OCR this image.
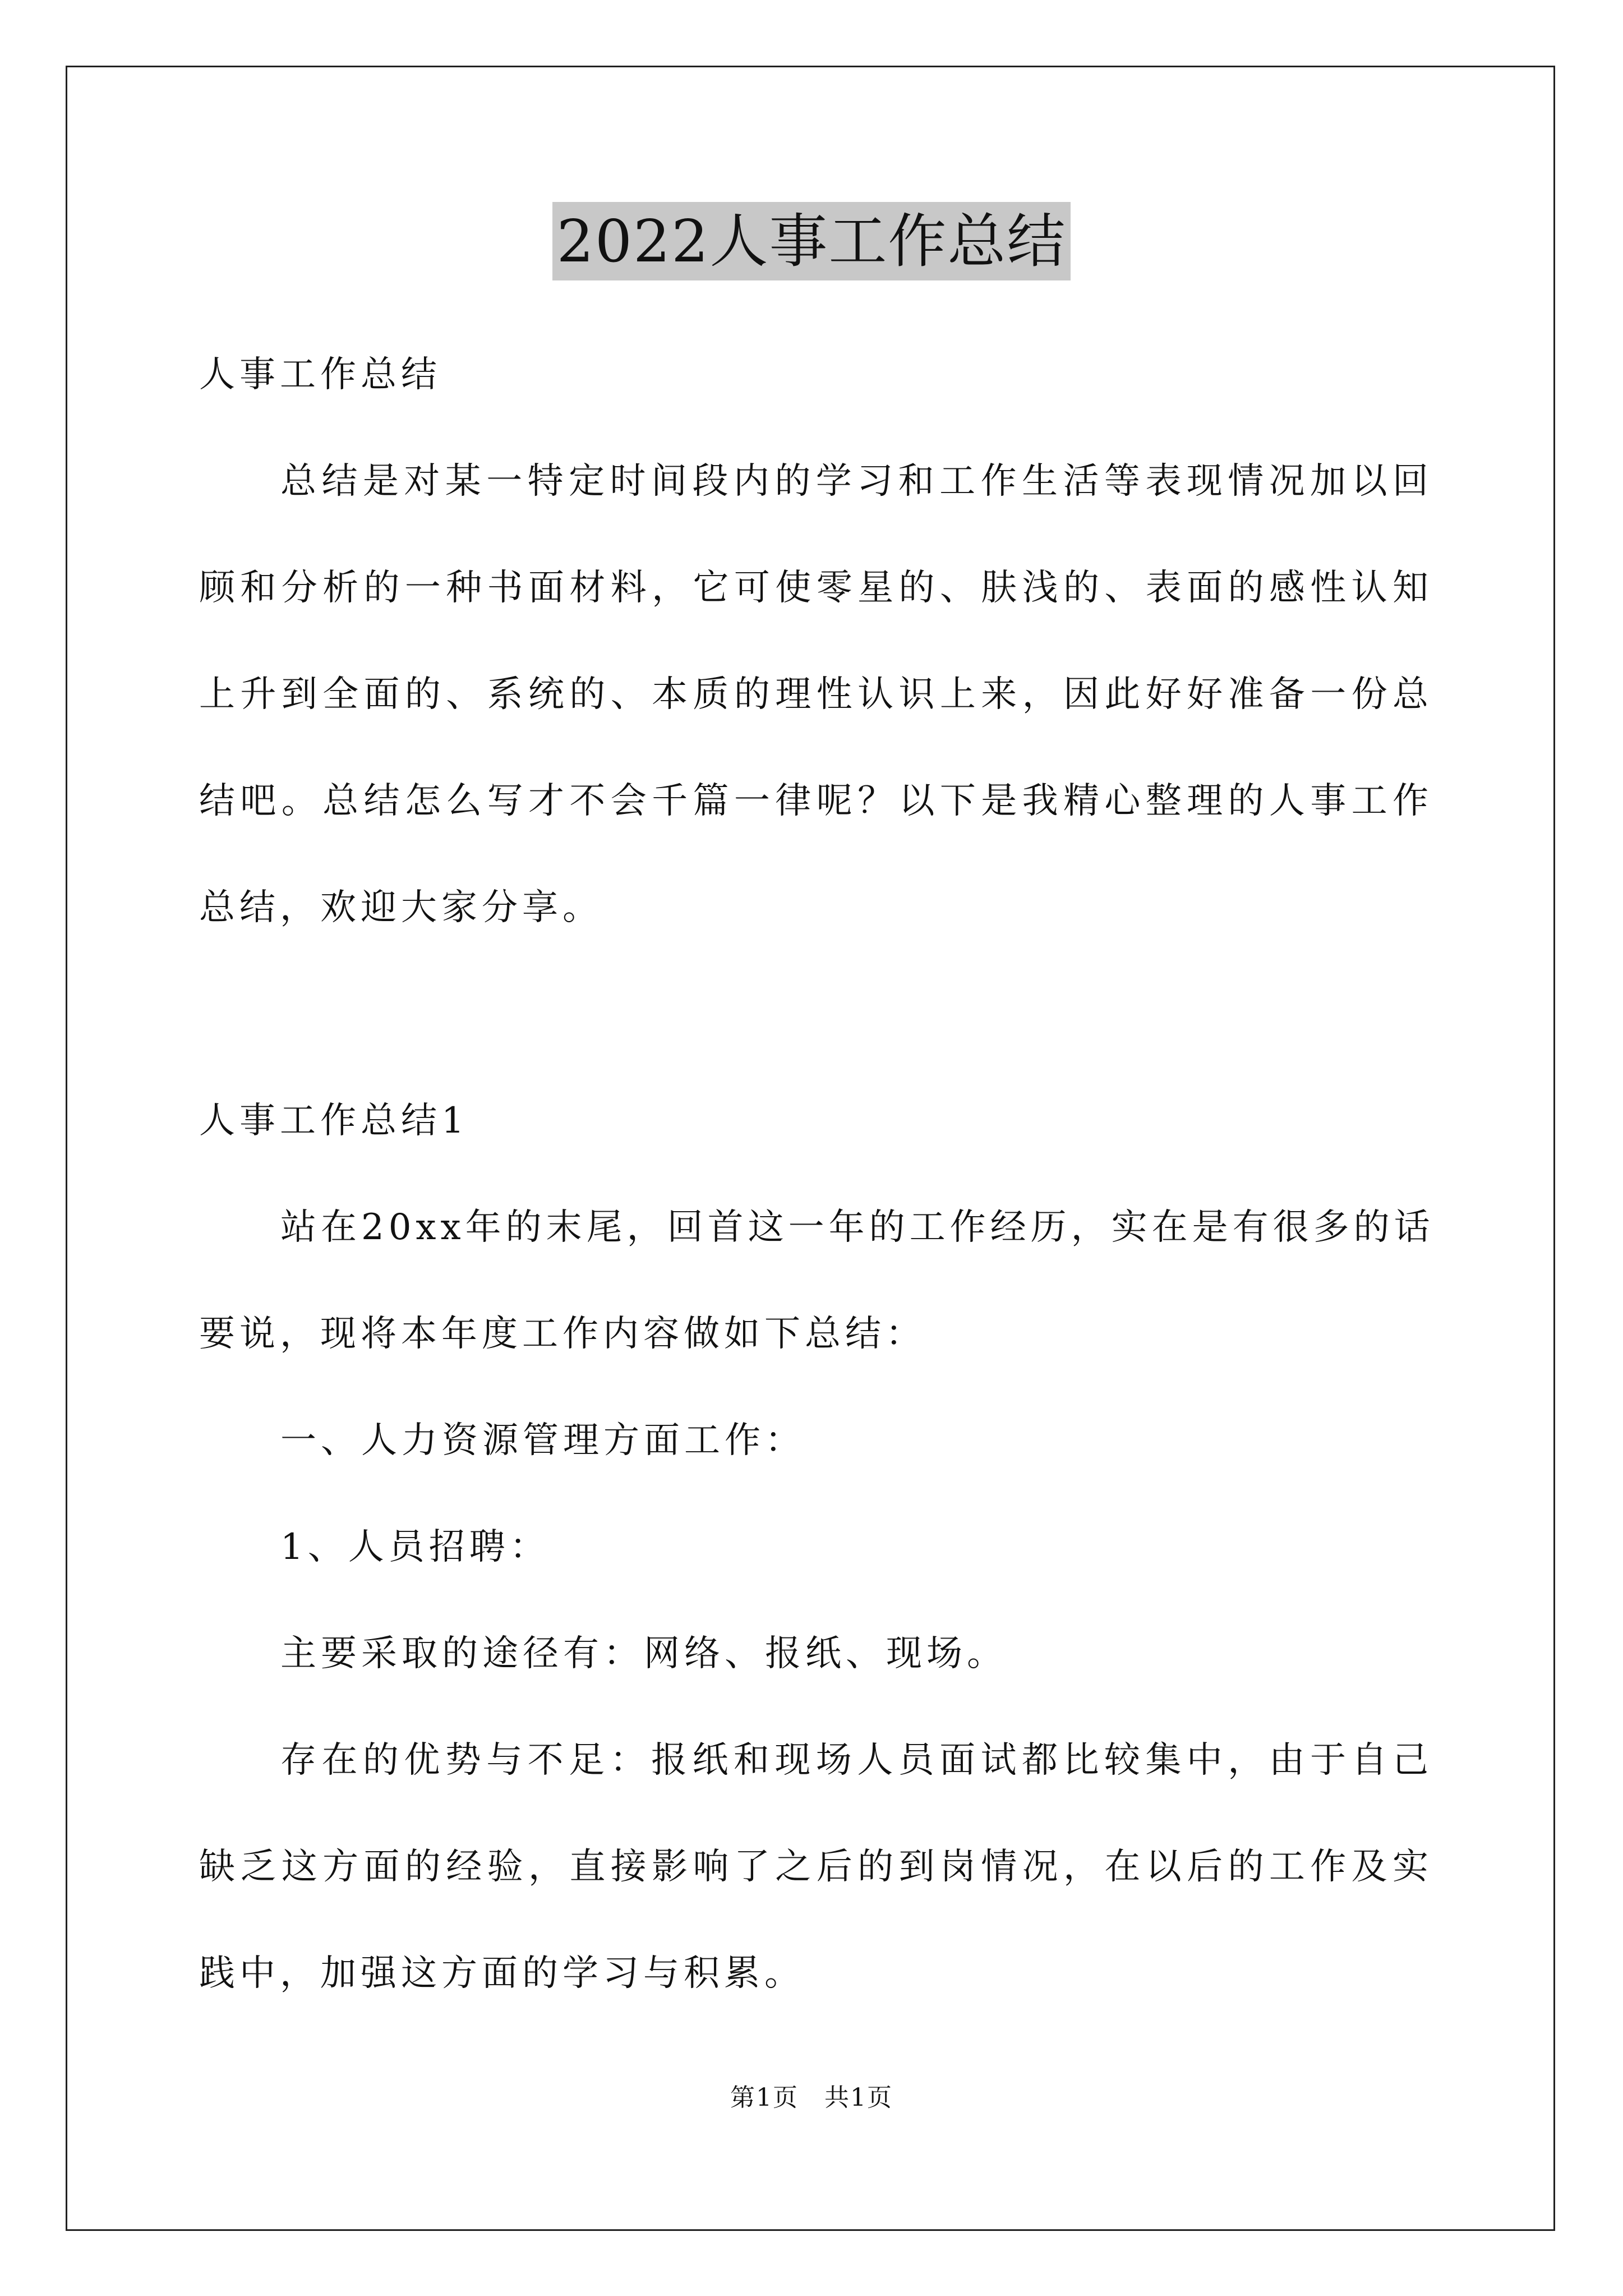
2022人事工作总结
人事工作总结
总结是对某一特定时间段内的学习和工作生活等表现情况加以回
顾和分析的一种书面材料，它可使零星的、肤浅的、表面的感性认知
上升到全面的、系统的、本质的理性认识上来，因此好好准备一份总
结吧。总结怎么写才不会千篇一律呢？以下是我精心整理的人事工作
总结，欢迎大家分享。
人事工作总结1
站在20xx年的末尾，回首这一年的工作经历，实在是有很多的话
要说，现将本年度工作内容做如下总结：
一、人力资源管理方面工作：
1、人员招聘：
主要采取的途径有：网络、报纸、现场。
存在的优势与不足：报纸和现场人员面试都比较集中，由于自己
缺乏这方面的经验，直接影响了之后的到岗情况，在以后的工作及实
践中，加强这方面的学习与积累。
第1页　共1页
